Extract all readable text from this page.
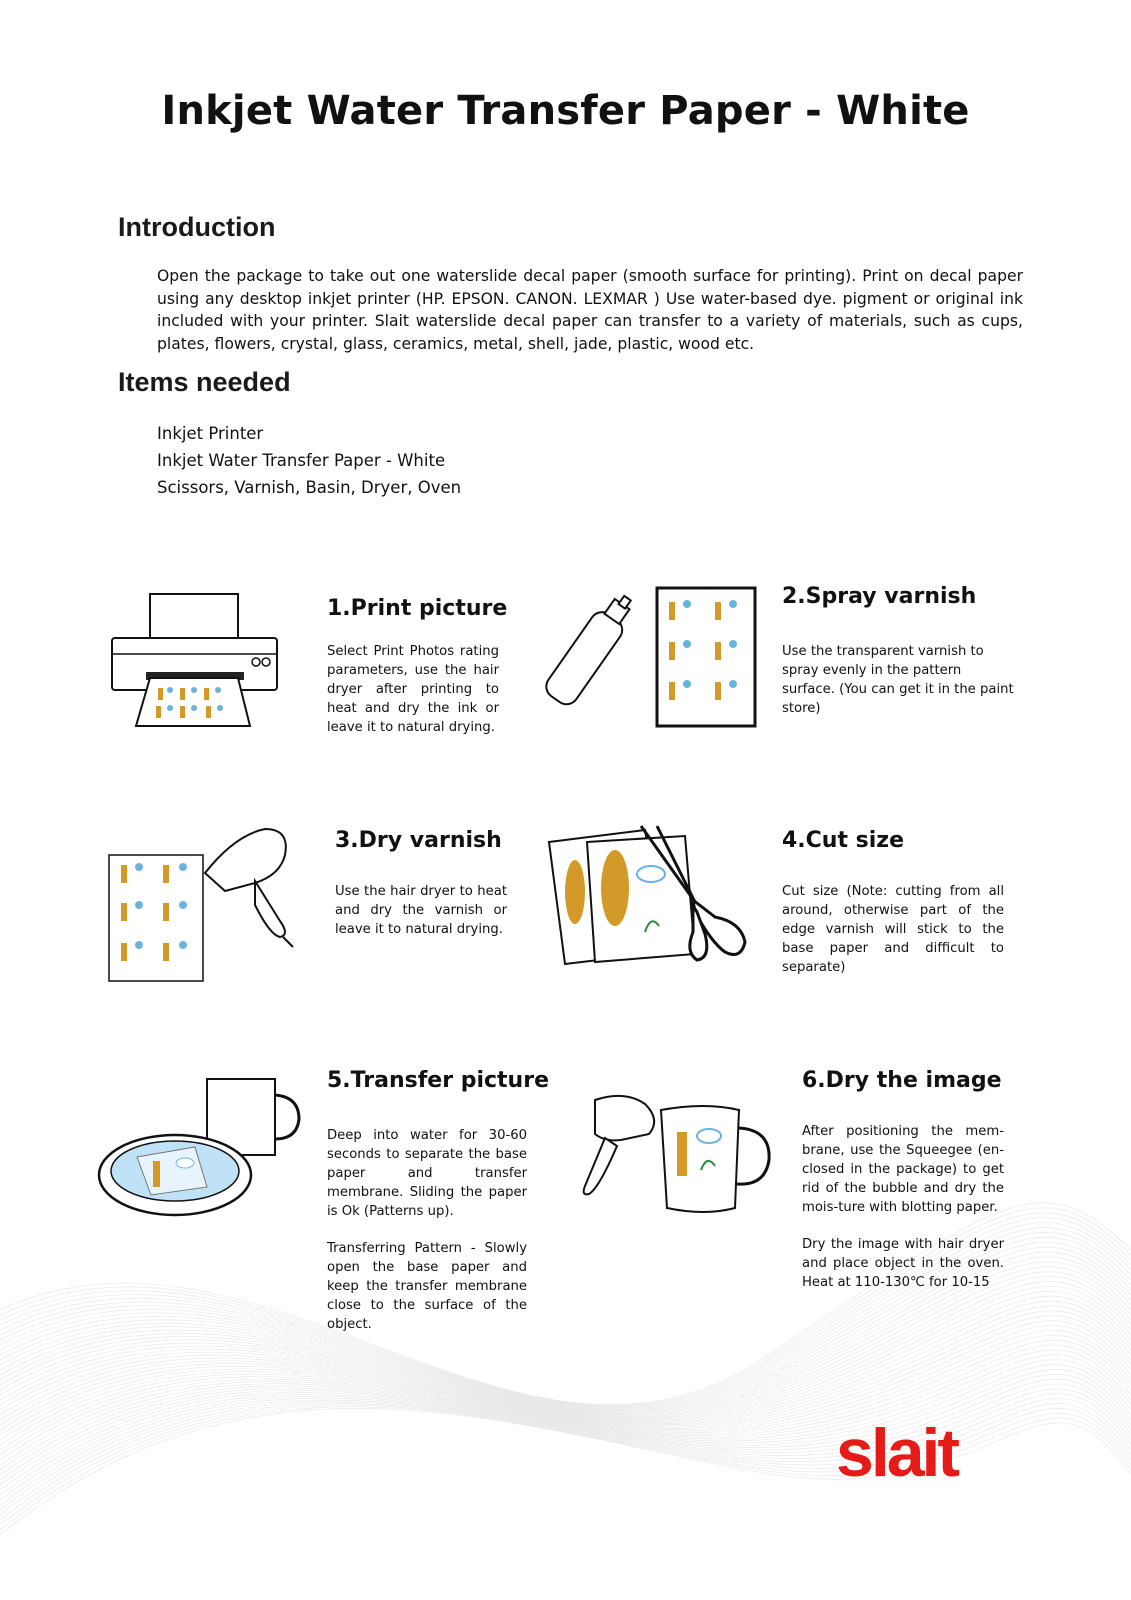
Inkjet Water Transfer Paper - White
Introduction
Open the package to take out one waterslide decal paper (smooth surface for printing). Print on decal paper using any desktop inkjet printer (HP. EPSON. CANON. LEXMAR ) Use water-based dye. pigment or original ink included with your printer. Slait waterslide decal paper can transfer to a variety of materials, such as cups, plates, flowers, crystal, glass, ceramics, metal, shell, jade, plastic, wood etc.
Items needed
Inkjet Printer
Inkjet Water Transfer Paper - White
Scissors, Varnish, Basin, Dryer, Oven
1.Print picture

Select Print Photos rating parameters, use the hair dryer after printing to heat and dry the ink or leave it to natural drying.

2.Spray varnish

Use the transparent varnish to spray evenly in the pattern surface. (You can get it in the paint store)

3.Dry varnish

Use the hair dryer to heat and dry the varnish or leave it to natural drying.

4.Cut size

Cut size (Note: cutting from all around, otherwise part of the edge varnish will stick to the base paper and difficult to separate)

5.Transfer picture

Deep into water for 30-60 seconds to separate the base paper and transfer membrane. Sliding the paper is Ok (Patterns up).

Transferring Pattern - Slowly open the base paper and keep the transfer membrane close to the surface of the object.

6.Dry the image

After positioning the mem-brane, use the Squeegee (en-closed in the package) to get rid of the bubble and dry the mois-ture with blotting paper.

Dry the image with hair dryer and place object in the oven. Heat at 110-130℃ for 10-15

slait
